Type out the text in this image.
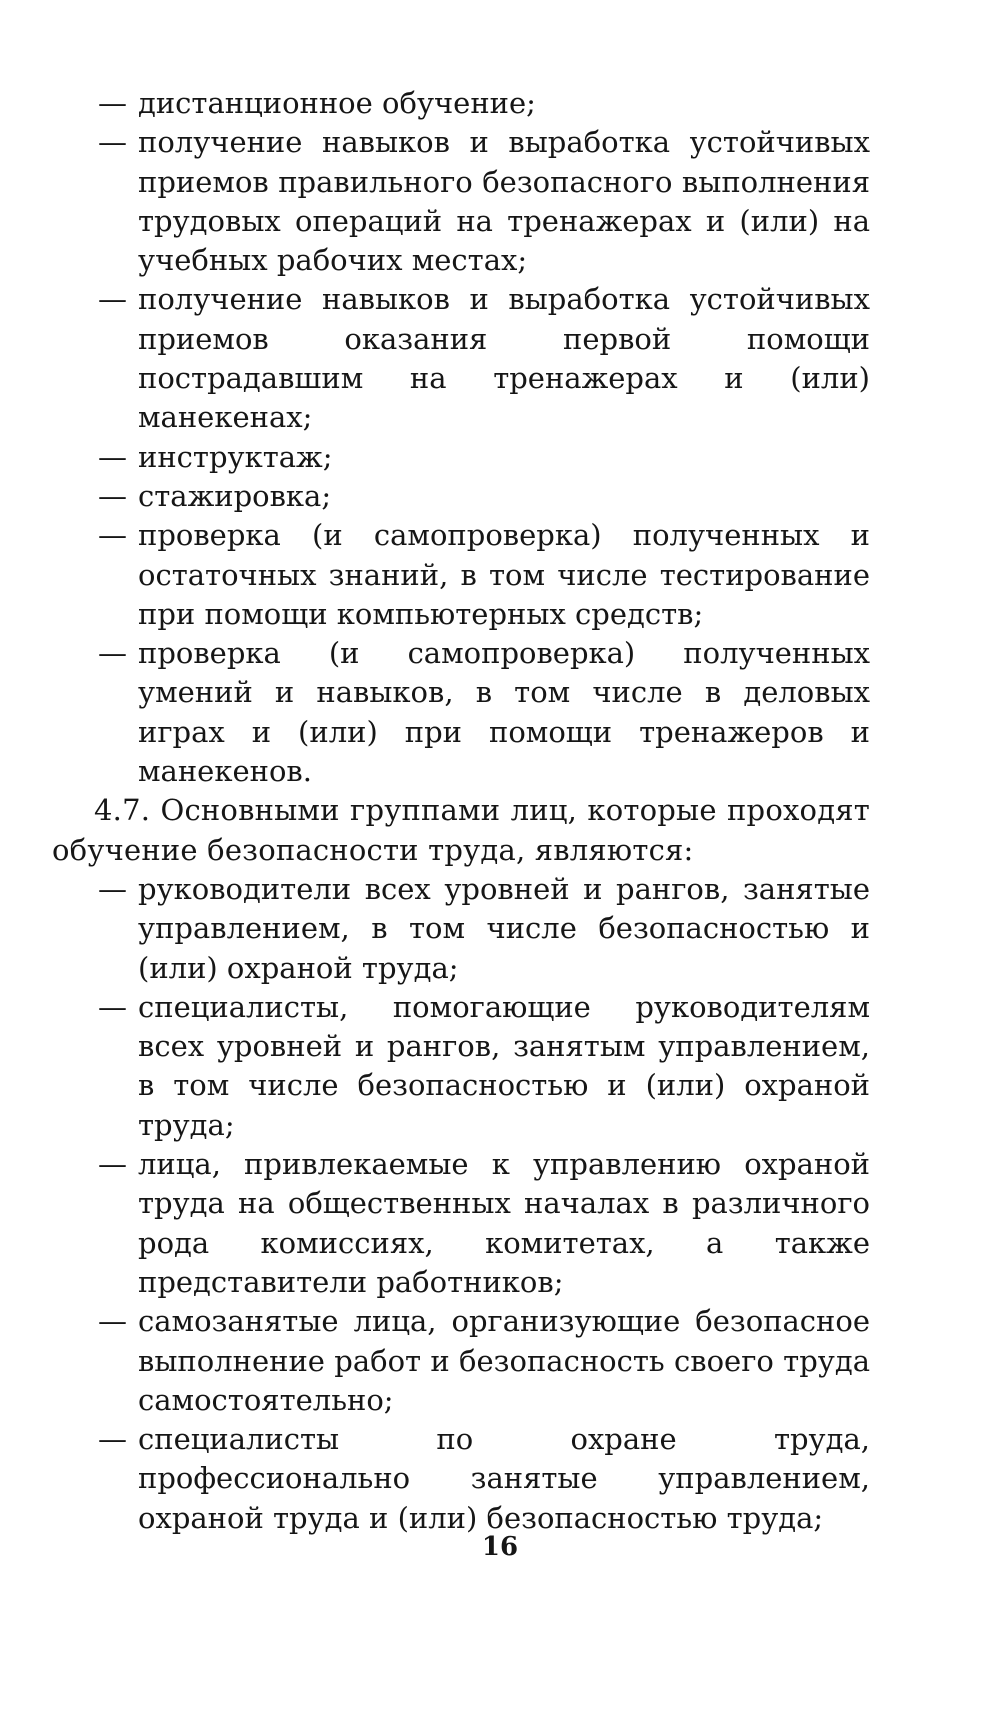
— дистанционное обучение;
— получение навыков и выработка устойчивых приемов правильного безопасного выполнения трудовых операций на тренажерах и (или) на учебных рабочих местах;
— получение навыков и выработка устойчивых приемов оказания первой помощи пострадавшим на тренажерах и (или) манекенах;
— инструктаж;
— стажировка;
— проверка (и самопроверка) полученных и остаточных знаний, в том числе тестирование при помощи компьютерных средств;
— проверка (и самопроверка) полученных умений и навыков, в том числе в деловых играх и (или) при помощи тренажеров и манекенов.
4.7. Основными группами лиц, которые проходят обучение безопасности труда, являются:
— руководители всех уровней и рангов, занятые управлением, в том числе безопасностью и (или) охраной труда;
— специалисты, помогающие руководителям всех уровней и рангов, занятым управлением, в том числе безопасностью и (или) охраной труда;
— лица, привлекаемые к управлению охраной труда на общественных началах в различного рода комиссиях, комитетах, а также представители работников;
— самозанятые лица, организующие безопасное выполнение работ и безопасность своего труда самостоятельно;
— специалисты по охране труда, профессионально занятые управлением, охраной труда и (или) безопасностью труда;
16
